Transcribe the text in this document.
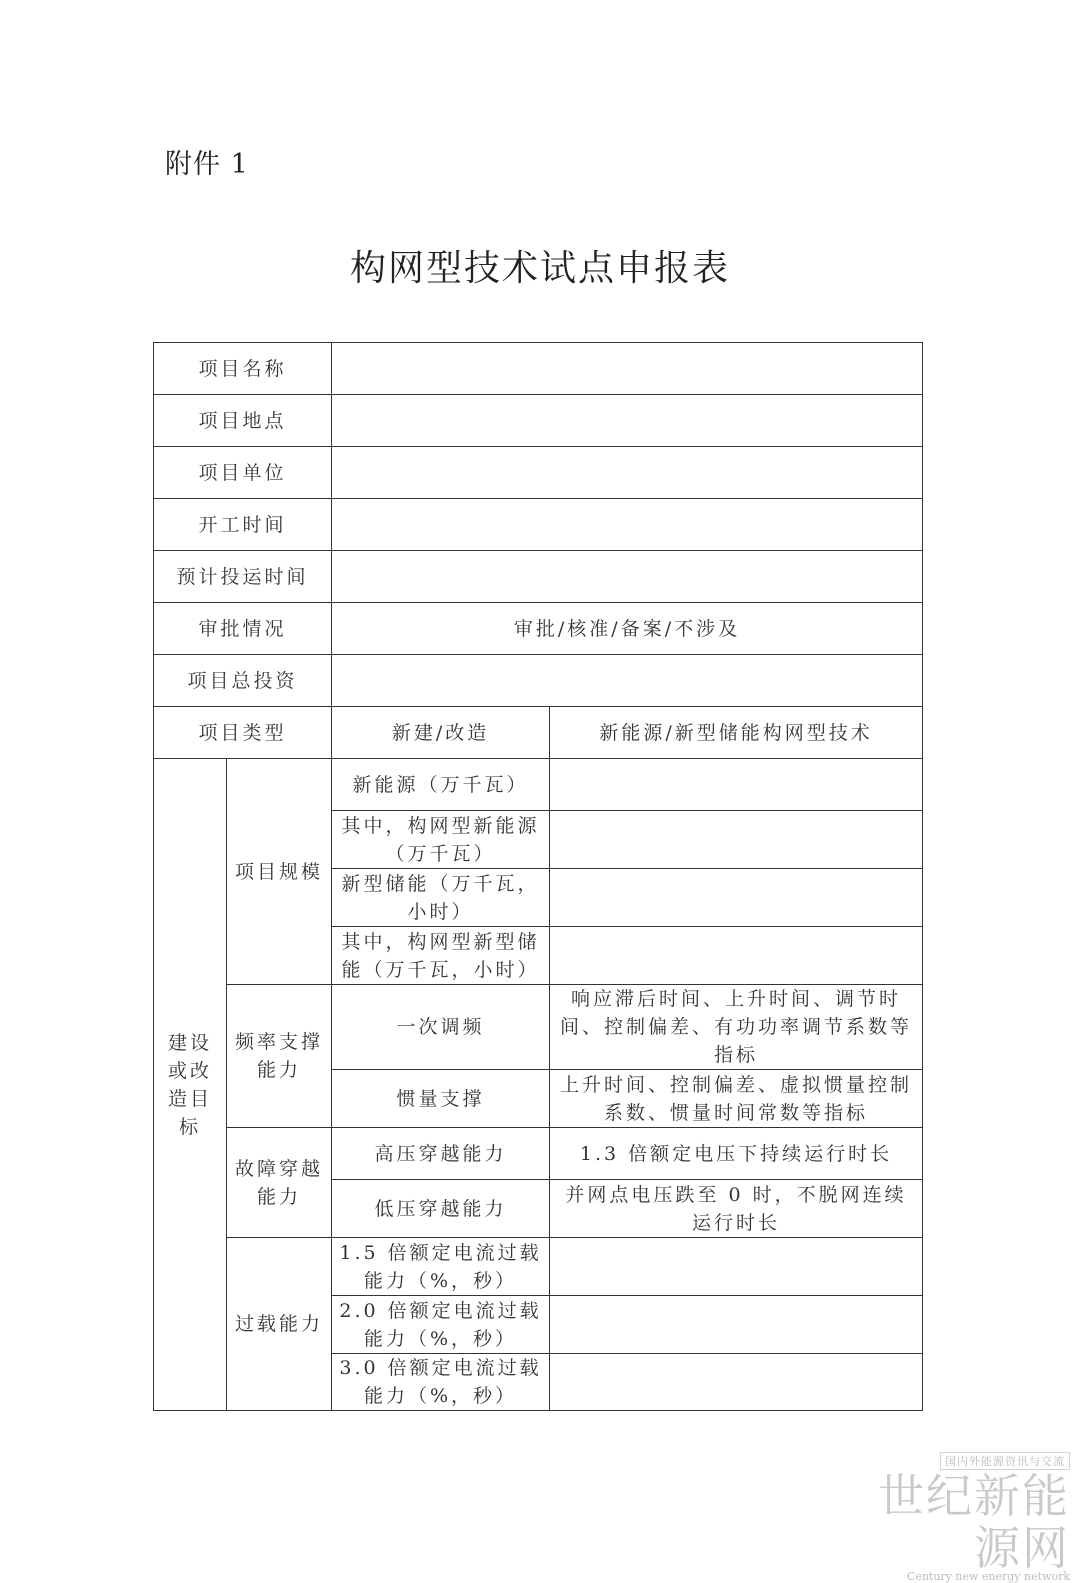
附件 1
构网型技术试点申报表
项目名称			
项目地点			
项目单位			
开工时间			
预计投运时间			
审批情况		审批/核准/备案/不涉及	
项目总投资			
项目类型		新建/改造	新能源/新型储能构网型技术
建设或改造目标	项目规模	新能源（万千瓦）	
		其中，构网型新能源（万千瓦）	
		新型储能（万千瓦，小时）	
		其中，构网型新型储能（万千瓦，小时）	
	频率支撑能力	一次调频	响应滞后时间、上升时间、调节时间、控制偏差、有功功率调节系数等指标
		惯量支撑	上升时间、控制偏差、虚拟惯量控制系数、惯量时间常数等指标
	故障穿越能力	高压穿越能力	1.3 倍额定电压下持续运行时长
		低压穿越能力	并网点电压跌至 0 时，不脱网连续运行时长
	过载能力	1.5 倍额定电流过载能力（%，秒）	
		2.0 倍额定电流过载能力（%，秒）	
		3.0 倍额定电流过载能力（%，秒）	
国内外能源资讯与交流
世纪新能源网
Century new energy network
